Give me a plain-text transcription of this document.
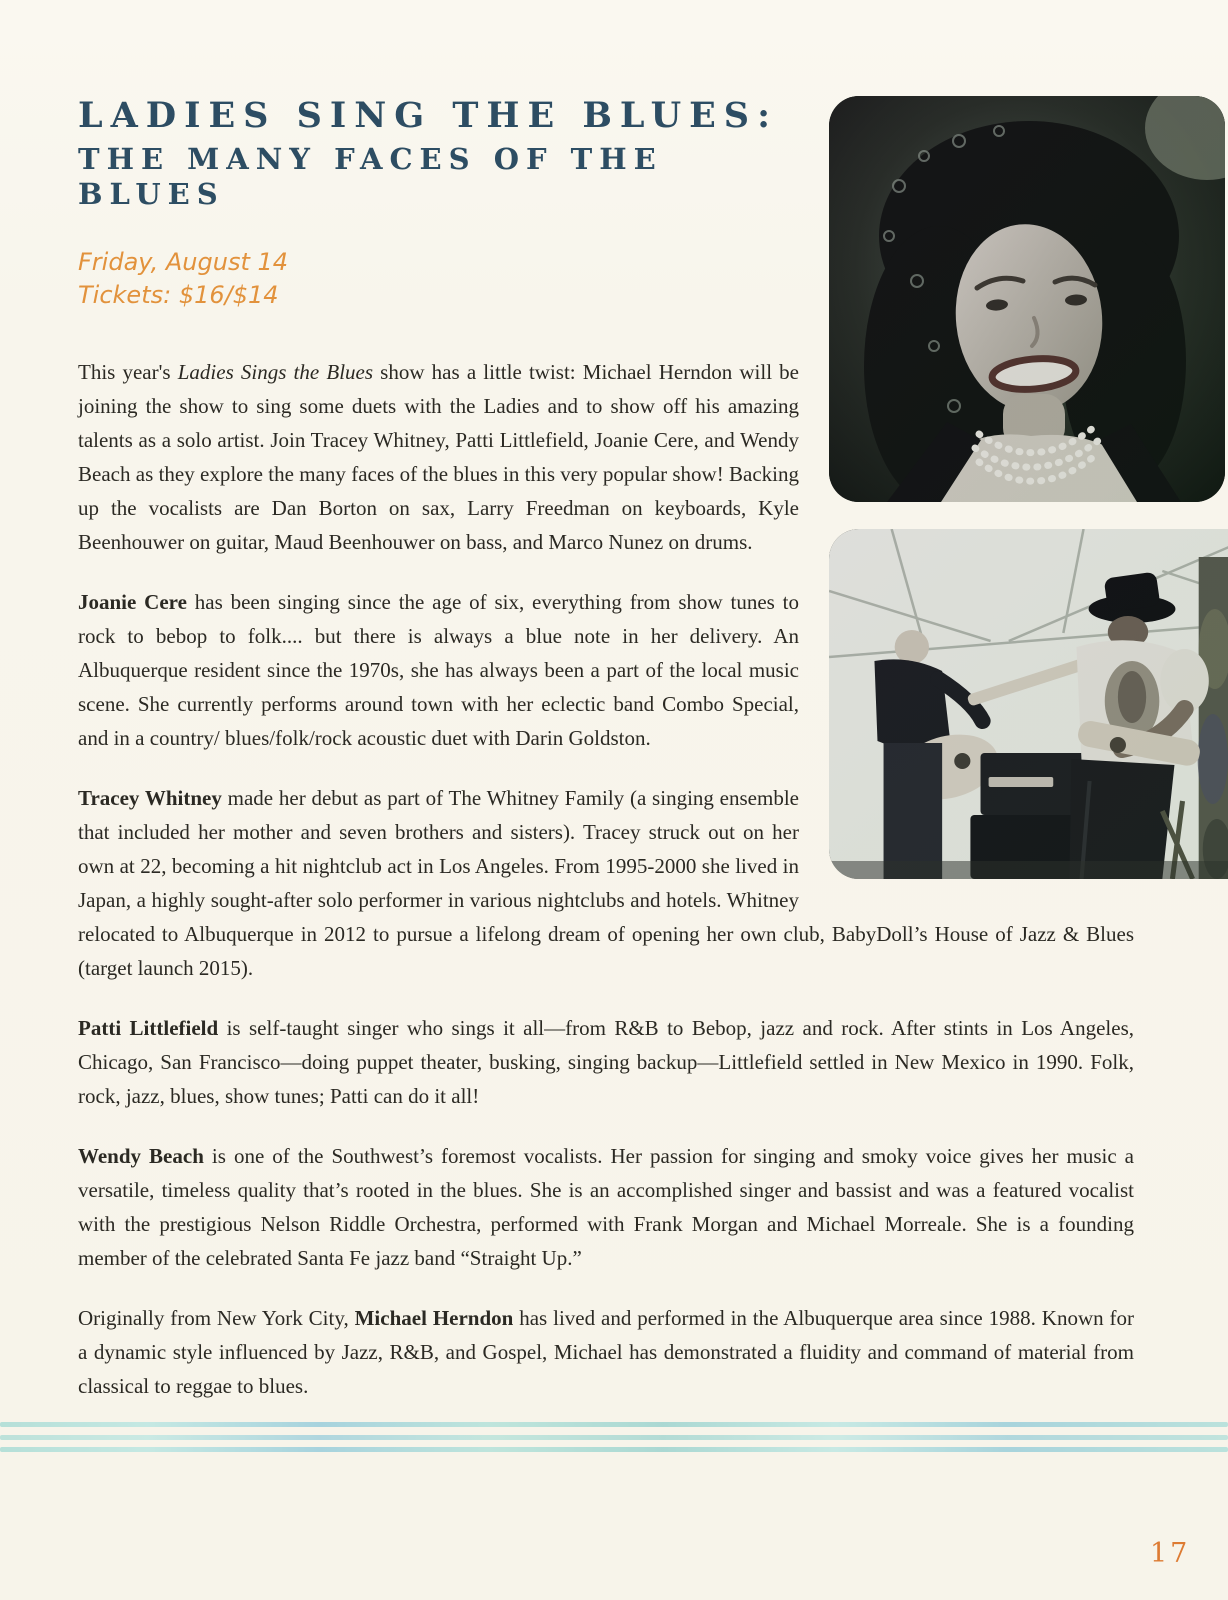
LADIES SING THE BLUES:
THE MANY FACES OF THE BLUES
Friday, August 14
Tickets: $16/$14

This year's Ladies Sings the Blues show has a little twist: Michael Herndon will be joining the show to sing some duets with the Ladies and to show off his amazing talents as a solo artist. Join Tracey Whitney, Patti Littlefield, Joanie Cere, and Wendy Beach as they explore the many faces of the blues in this very popular show! Backing up the vocalists are Dan Borton on sax, Larry Freedman on keyboards, Kyle Beenhouwer on guitar, Maud Beenhouwer on bass, and Marco Nunez on drums.

Joanie Cere has been singing since the age of six, everything from show tunes to rock to bebop to folk.... but there is always a blue note in her delivery. An Albuquerque resident since the 1970s, she has always been a part of the local music scene. She currently performs around town with her eclectic band Combo Special, and in a country/ blues/folk/rock acoustic duet with Darin Goldston.

Tracey Whitney made her debut as part of The Whitney Family (a singing ensemble that included her mother and seven brothers and sisters). Tracey struck out on her own at 22, becoming a hit nightclub act in Los Angeles. From 1995-2000 she lived in Japan, a highly sought-after solo performer in various nightclubs and hotels. Whitney relocated to Albuquerque in 2012 to pursue a lifelong dream of opening her own club, BabyDoll’s House of Jazz & Blues (target launch 2015).

Patti Littlefield is self-taught singer who sings it all—from R&B to Bebop, jazz and rock. After stints in Los Angeles, Chicago, San Francisco—doing puppet theater, busking, singing backup—Littlefield settled in New Mexico in 1990. Folk, rock, jazz, blues, show tunes; Patti can do it all!

Wendy Beach is one of the Southwest’s foremost vocalists. Her passion for singing and smoky voice gives her music a versatile, timeless quality that’s rooted in the blues. She is an accomplished singer and bassist and was a featured vocalist with the prestigious Nelson Riddle Orchestra, performed with Frank Morgan and Michael Morreale. She is a founding member of the celebrated Santa Fe jazz band “Straight Up.”

Originally from New York City, Michael Herndon has lived and performed in the Albuquerque area since 1988. Known for a dynamic style influenced by Jazz, R&B, and Gospel, Michael has demonstrated a fluidity and command of material from classical to reggae to blues.

17
